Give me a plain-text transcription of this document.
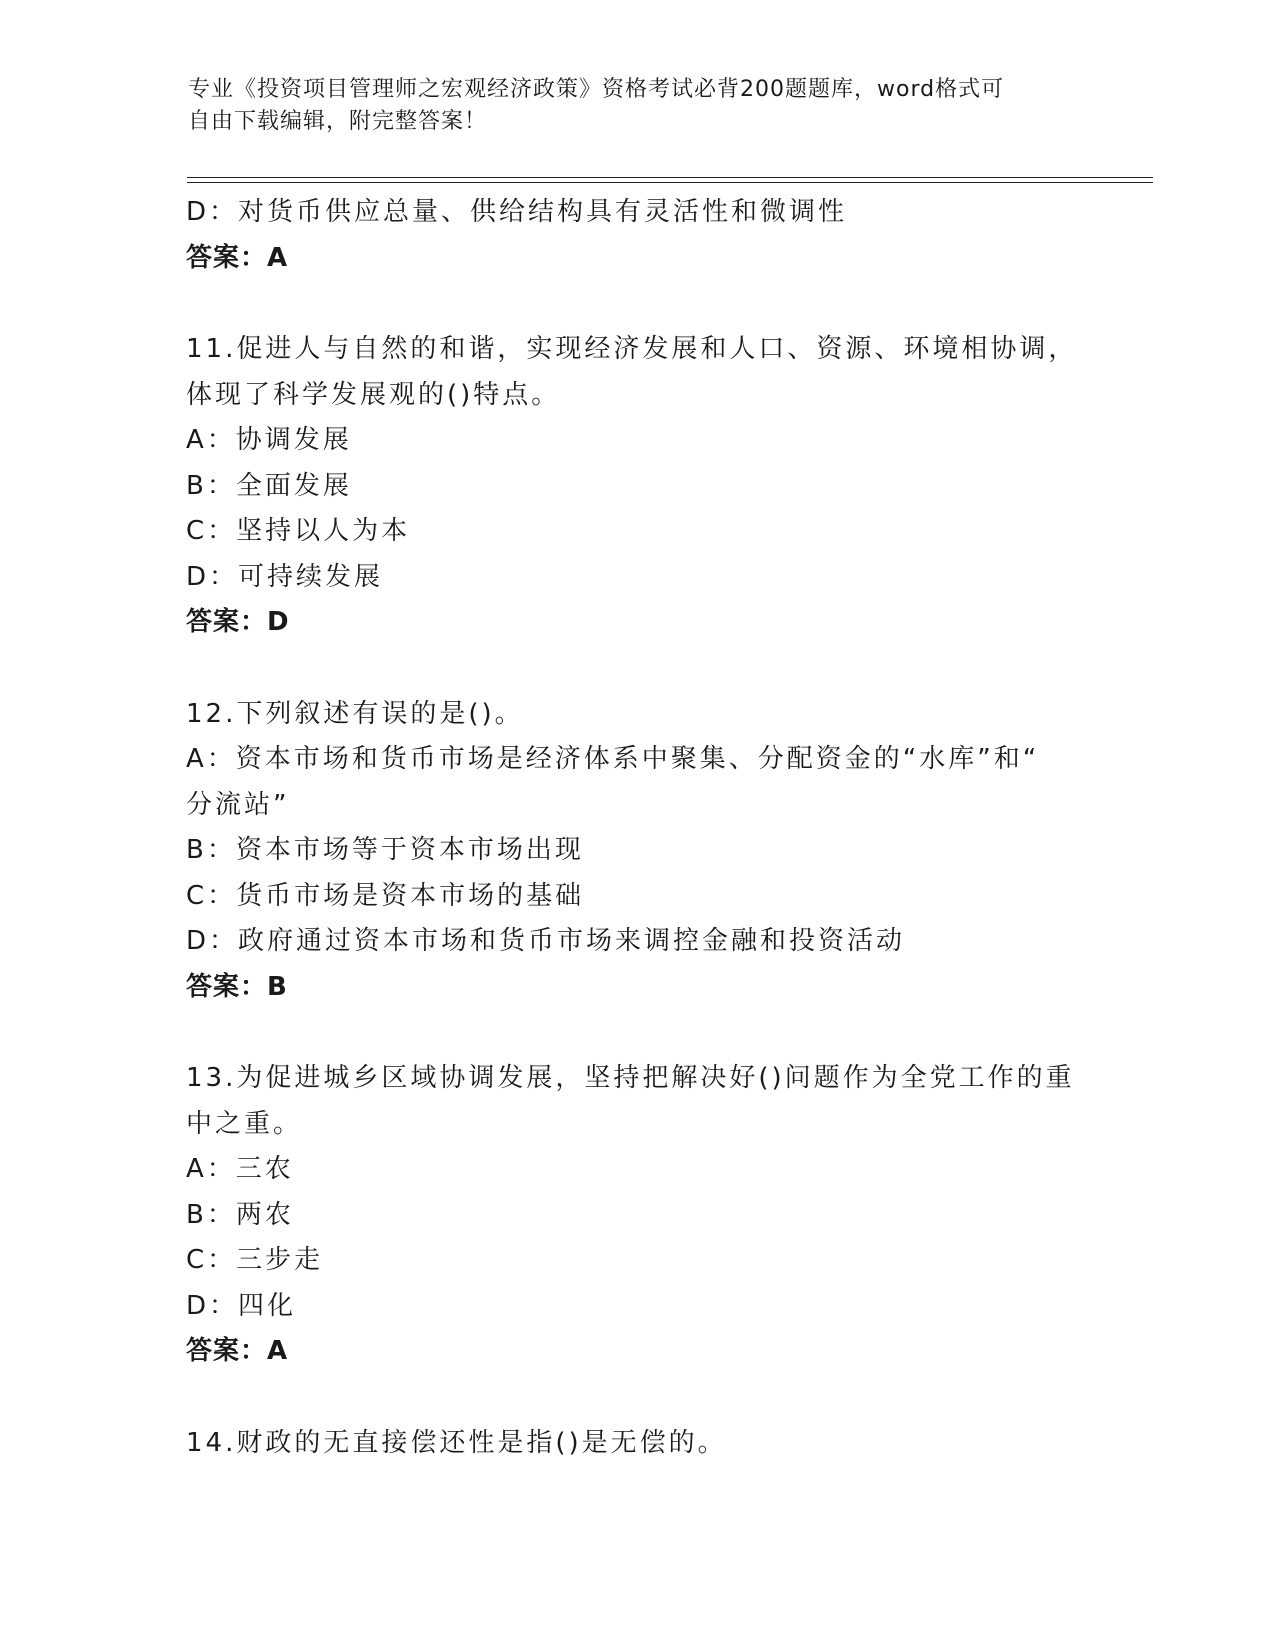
专业《投资项目管理师之宏观经济政策》资格考试必背200题题库，word格式可
自由下载编辑，附完整答案！
D：对货币供应总量、供给结构具有灵活性和微调性
答案：A
11.促进人与自然的和谐，实现经济发展和人口、资源、环境相协调，
体现了科学发展观的()特点。
A：协调发展
B：全面发展
C：坚持以人为本
D：可持续发展
答案：D
12.下列叙述有误的是()。
A：资本市场和货币市场是经济体系中聚集、分配资金的“水库”和“
分流站”
B：资本市场等于资本市场出现
C：货币市场是资本市场的基础
D：政府通过资本市场和货币市场来调控金融和投资活动
答案：B
13.为促进城乡区域协调发展，坚持把解决好()问题作为全党工作的重
中之重。
A：三农
B：两农
C：三步走
D：四化
答案：A
14.财政的无直接偿还性是指()是无偿的。
